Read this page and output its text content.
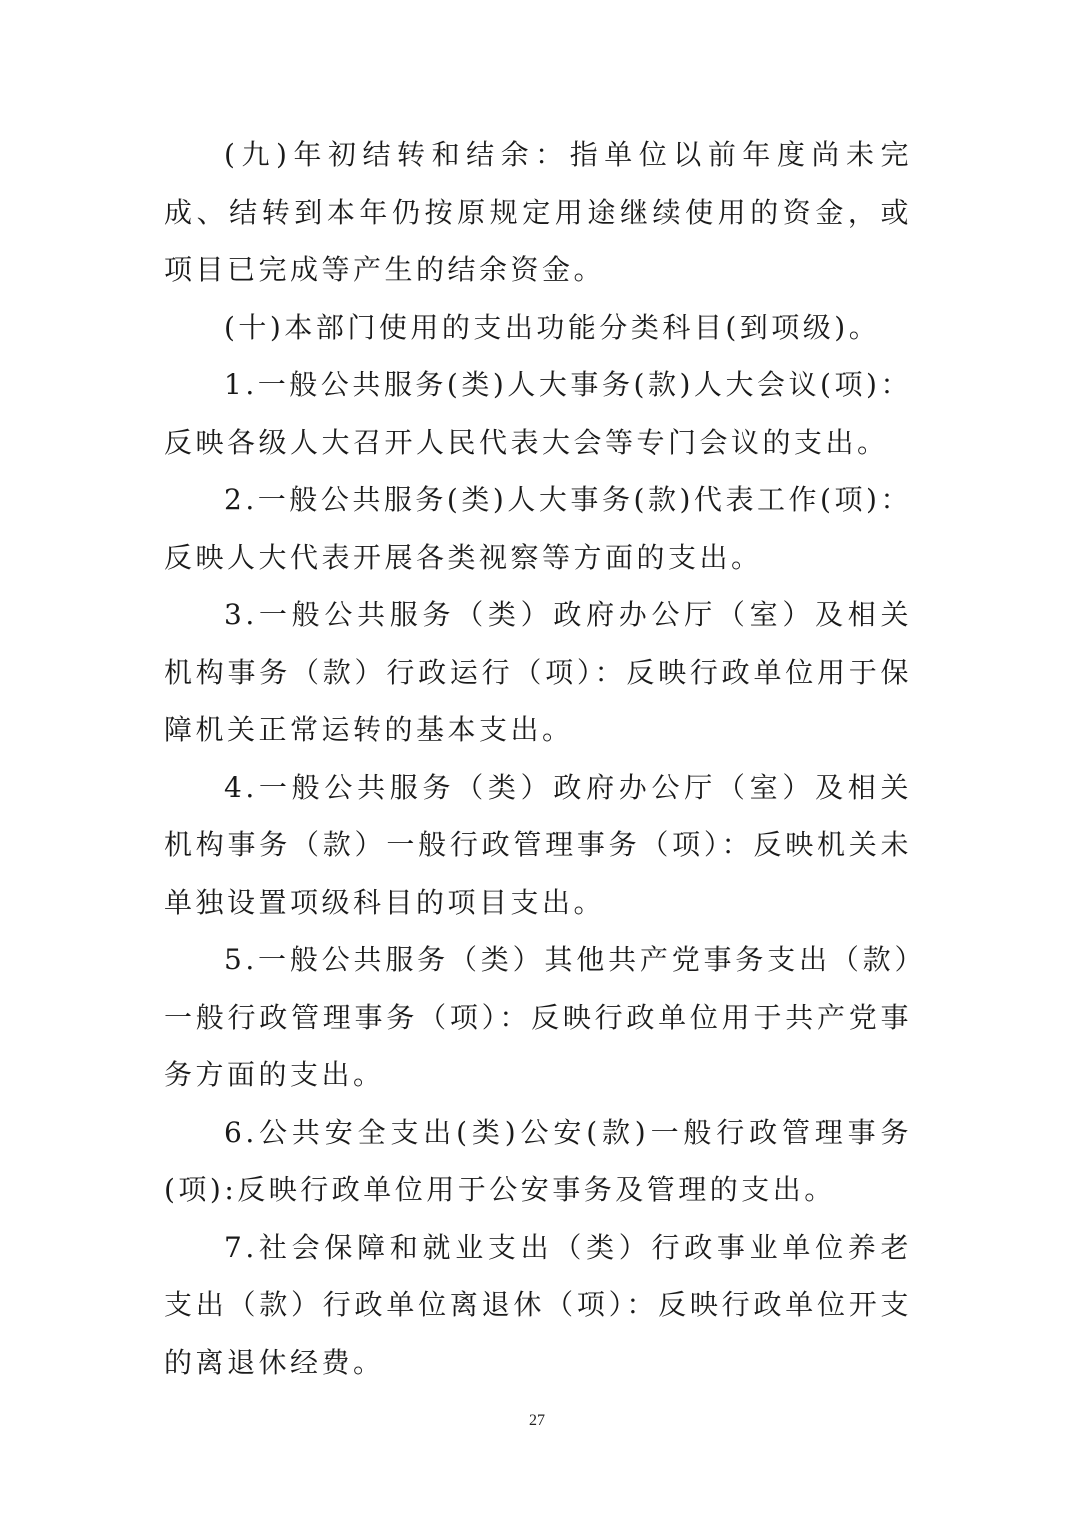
(九)年初结转和结余：指单位以前年度尚未完成、结转到本年仍按原规定用途继续使用的资金，或项目已完成等产生的结余资金。

(十)本部门使用的支出功能分类科目(到项级)。

1.一般公共服务(类)人大事务(款)人大会议(项)：反映各级人大召开人民代表大会等专门会议的支出。

2.一般公共服务(类)人大事务(款)代表工作(项)：反映人大代表开展各类视察等方面的支出。

3.一般公共服务（类）政府办公厅（室）及相关机构事务（款）行政运行（项）：反映行政单位用于保障机关正常运转的基本支出。

4.一般公共服务（类）政府办公厅（室）及相关机构事务（款）一般行政管理事务（项）：反映机关未单独设置项级科目的项目支出。

5.一般公共服务（类）其他共产党事务支出（款）一般行政管理事务（项）：反映行政单位用于共产党事务方面的支出。

6.公共安全支出(类)公安(款)一般行政管理事务(项):反映行政单位用于公安事务及管理的支出。

7.社会保障和就业支出（类）行政事业单位养老支出（款）行政单位离退休（项）：反映行政单位开支的离退休经费。

27
